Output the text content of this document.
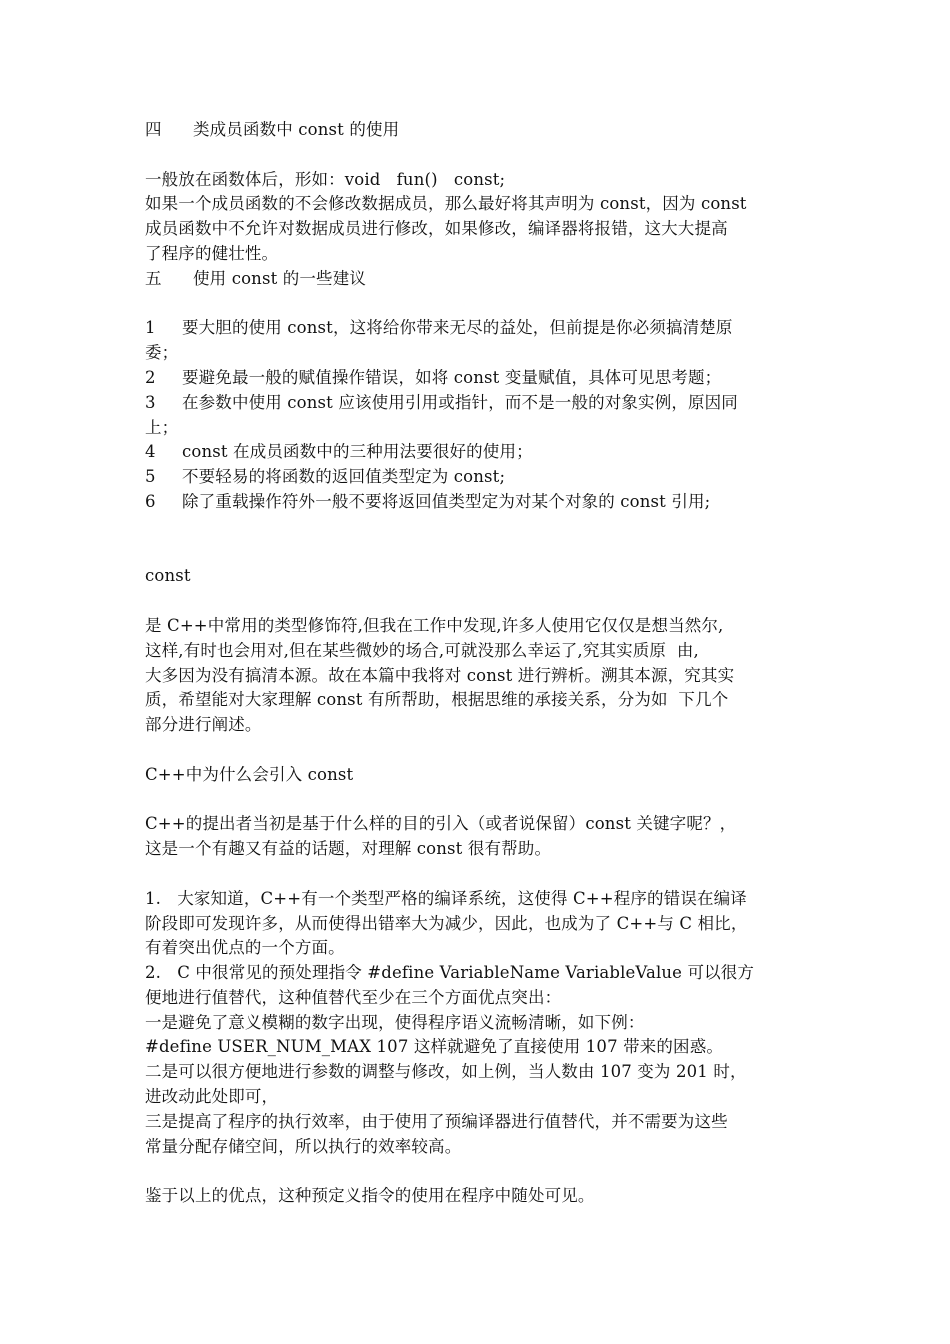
四 类成员函数中 const 的使用
一般放在函数体后，形如：void   fun()   const;
如果一个成员函数的不会修改数据成员，那么最好将其声明为 const，因为 const
成员函数中不允许对数据成员进行修改，如果修改，编译器将报错，这大大提高
了程序的健壮性。
五 使用 const 的一些建议
1 要大胆的使用 const，这将给你带来无尽的益处，但前提是你必须搞清楚原
委；
2 要避免最一般的赋值操作错误，如将 const 变量赋值，具体可见思考题；
3 在参数中使用 const 应该使用引用或指针，而不是一般的对象实例，原因同
上；
4 const 在成员函数中的三种用法要很好的使用；
5 不要轻易的将函数的返回值类型定为 const;
6 除了重载操作符外一般不要将返回值类型定为对某个对象的 const 引用;
const
是 C++中常用的类型修饰符,但我在工作中发现,许多人使用它仅仅是想当然尔,
这样,有时也会用对,但在某些微妙的场合,可就没那么幸运了,究其实质原  由,
大多因为没有搞清本源。故在本篇中我将对 const 进行辨析。溯其本源，究其实
质，希望能对大家理解 const 有所帮助，根据思维的承接关系，分为如  下几个
部分进行阐述。
C++中为什么会引入 const
C++的提出者当初是基于什么样的目的引入（或者说保留）const 关键字呢？，
这是一个有趣又有益的话题，对理解 const 很有帮助。
1.   大家知道，C++有一个类型严格的编译系统，这使得 C++程序的错误在编译
阶段即可发现许多，从而使得出错率大为减少，因此，也成为了 C++与 C 相比，
有着突出优点的一个方面。
2.   C 中很常见的预处理指令 #define VariableName VariableValue 可以很方
便地进行值替代，这种值替代至少在三个方面优点突出：
一是避免了意义模糊的数字出现，使得程序语义流畅清晰，如下例：
#define USER_NUM_MAX 107 这样就避免了直接使用 107 带来的困惑。
二是可以很方便地进行参数的调整与修改，如上例，当人数由 107 变为 201 时，
进改动此处即可，
三是提高了程序的执行效率，由于使用了预编译器进行值替代，并不需要为这些
常量分配存储空间，所以执行的效率较高。
鉴于以上的优点，这种预定义指令的使用在程序中随处可见。
